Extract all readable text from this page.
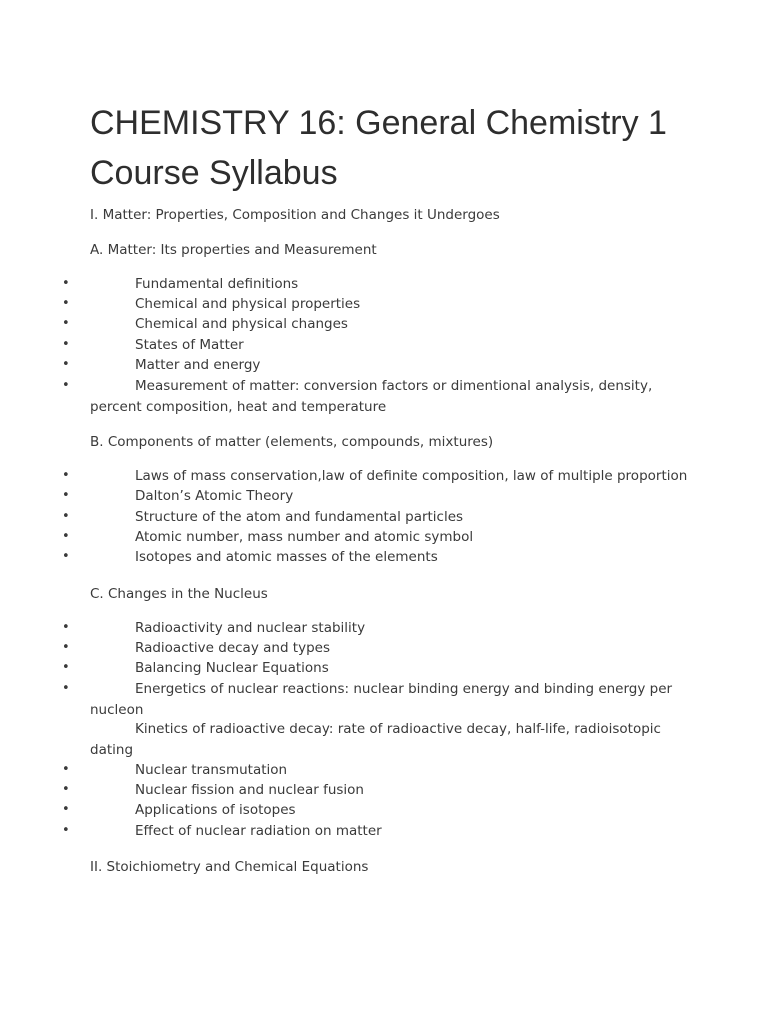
CHEMISTRY 16: General Chemistry 1
Course Syllabus

I. Matter: Properties, Composition and Changes it Undergoes

A. Matter: Its properties and Measurement

•	Fundamental definitions
•	Chemical and physical properties
•	Chemical and physical changes
•	States of Matter
•	Matter and energy
•	Measurement of matter: conversion factors or dimentional analysis, density,
percent composition, heat and temperature

B. Components of matter (elements, compounds, mixtures)

•	Laws of mass conservation,law of definite composition, law of multiple proportion
•	Dalton’s Atomic Theory
•	Structure of the atom and fundamental particles
•	Atomic number, mass number and atomic symbol
•	Isotopes and atomic masses of the elements

C. Changes in the Nucleus

•	Radioactivity and nuclear stability
•	Radioactive decay and types
•	Balancing Nuclear Equations
•	Energetics of nuclear reactions: nuclear binding energy and binding energy per
nucleon
Kinetics of radioactive decay: rate of radioactive decay, half-life, radioisotopic
dating
•	Nuclear transmutation
•	Nuclear fission and nuclear fusion
•	Applications of isotopes
•	Effect of nuclear radiation on matter

II. Stoichiometry and Chemical Equations
